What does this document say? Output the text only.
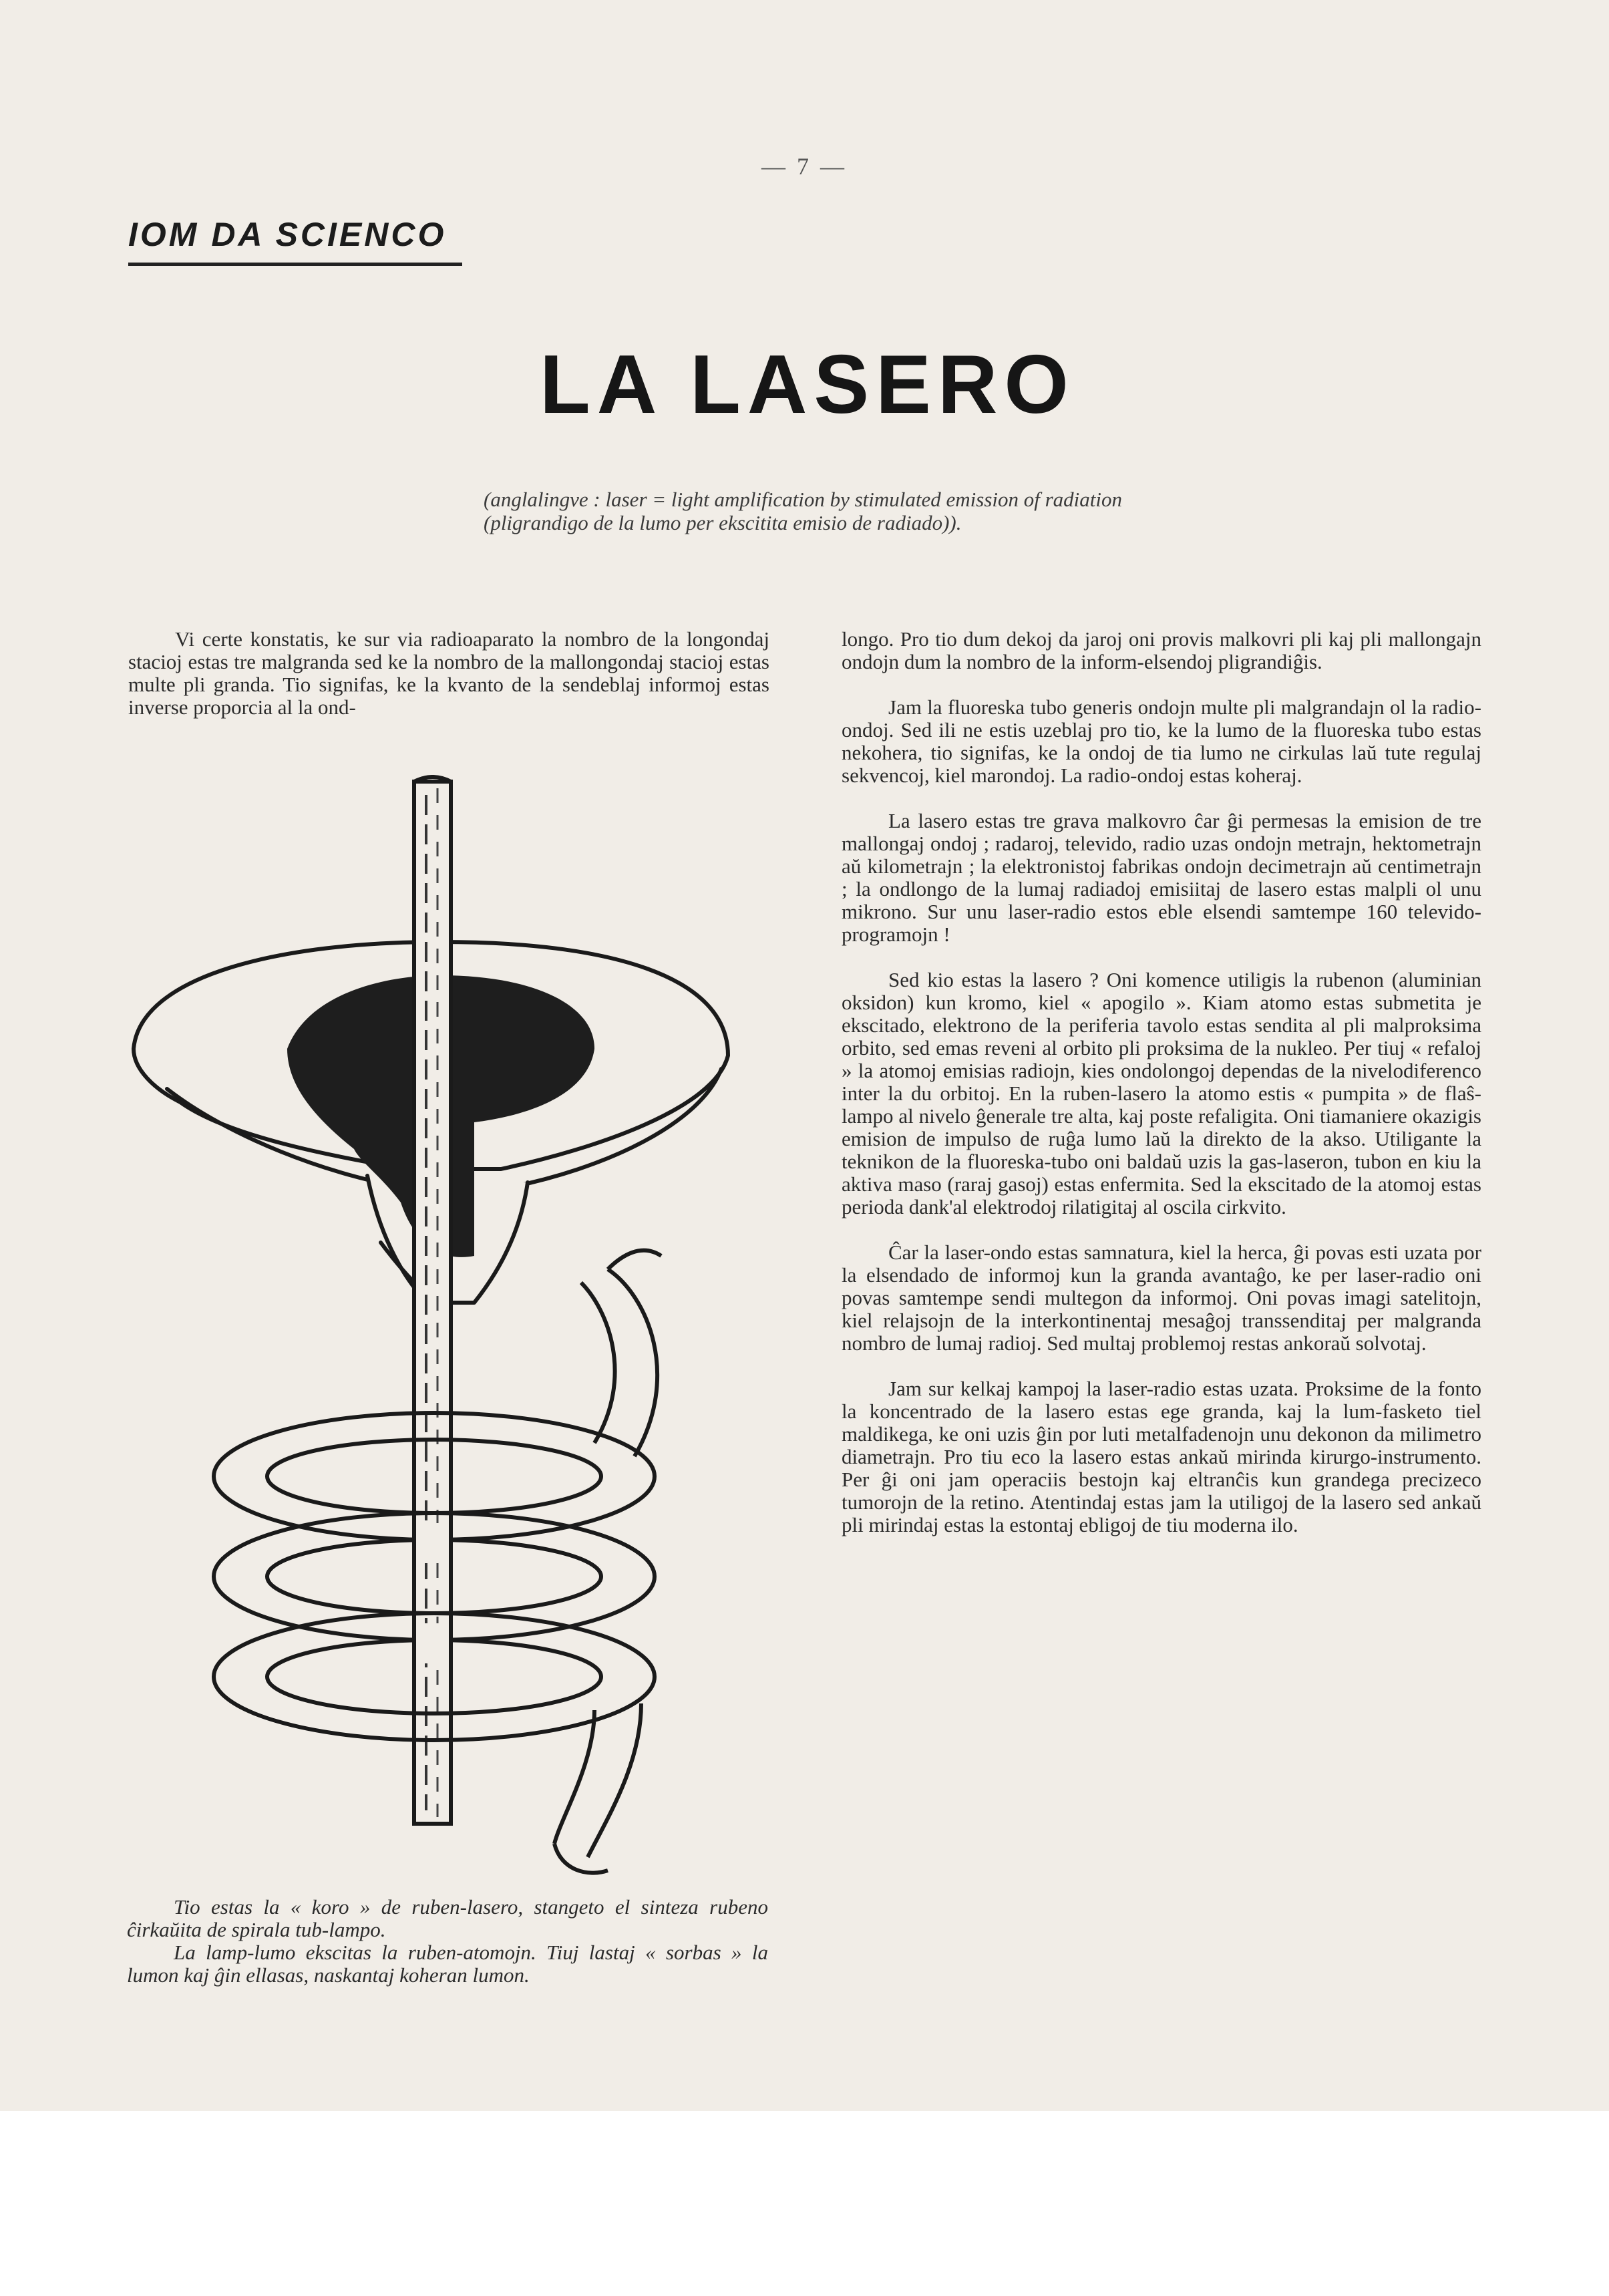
— 7 —
IOM DA SCIENCO
LA LASERO
(anglalingve : laser = light amplification by stimulated emission of radiation (pligrandigo de la lumo per ekscitita emisio de radiado)).

Vi certe konstatis, ke sur via radioaparato la nombro de la longondaj stacioj estas tre malgranda sed ke la nombro de la mallongondaj stacioj estas multe pli granda. Tio signifas, ke la kvanto de la sendeblaj informoj estas inverse proporcia al la ond-

Tio estas la « koro » de ruben-lasero, stangeto el sinteza rubeno ĉirkaŭita de spirala tub-lampo.
La lamp-lumo ekscitas la ruben-atomojn. Tiuj lastaj « sorbas » la lumon kaj ĝin ellasas, naskantaj koheran lumon.

longo. Pro tio dum dekoj da jaroj oni provis malkovri pli kaj pli mallongajn ondojn dum la nombro de la inform-elsendoj pligrandiĝis.

Jam la fluoreska tubo generis ondojn multe pli malgrandajn ol la radio-ondoj. Sed ili ne estis uzeblaj pro tio, ke la lumo de la fluoreska tubo estas nekohera, tio signifas, ke la ondoj de tia lumo ne cirkulas laŭ tute regulaj sekvencoj, kiel marondoj. La radio-ondoj estas koheraj.

La lasero estas tre grava malkovro ĉar ĝi permesas la emision de tre mallongaj ondoj ; radaroj, televido, radio uzas ondojn metrajn, hektometrajn aŭ kilometrajn ; la elektronistoj fabrikas ondojn decimetrajn aŭ centimetrajn ; la ondlongo de la lumaj radiadoj emisiitaj de lasero estas malpli ol unu mikrono. Sur unu laser-radio estos eble elsendi samtempe 160 televido-programojn !

Sed kio estas la lasero ? Oni komence utiligis la rubenon (aluminian oksidon) kun kromo, kiel « apogilo ». Kiam atomo estas submetita je ekscitado, elektrono de la periferia tavolo estas sendita al pli malproksima orbito, sed emas reveni al orbito pli proksima de la nukleo. Per tiuj « refaloj » la atomoj emisias radiojn, kies ondolongoj dependas de la nivelodiferenco inter la du orbitoj. En la ruben-lasero la atomo estis « pumpita » de flaŝ-lampo al nivelo ĝenerale tre alta, kaj poste refaligita. Oni tiamaniere okazigis emision de impulso de ruĝa lumo laŭ la direkto de la akso. Utiligante la teknikon de la fluoreska-tubo oni baldaŭ uzis la gas-laseron, tubon en kiu la aktiva maso (raraj gasoj) estas enfermita. Sed la ekscitado de la atomoj estas perioda dank'al elektrodoj rilatigitaj al oscila cirkvito.

Ĉar la laser-ondo estas samnatura, kiel la herca, ĝi povas esti uzata por la elsendado de informoj kun la granda avantaĝo, ke per laser-radio oni povas samtempe sendi multegon da informoj. Oni povas imagi satelitojn, kiel relajsojn de la interkontinentaj mesaĝoj transsenditaj per malgranda nombro de lumaj radioj. Sed multaj problemoj restas ankoraŭ solvotaj.

Jam sur kelkaj kampoj la laser-radio estas uzata. Proksime de la fonto la koncentrado de la lasero estas ege granda, kaj la lum-fasketo tiel maldikega, ke oni uzis ĝin por luti metalfadenojn unu dekonon da milimetro diametrajn. Pro tiu eco la lasero estas ankaŭ mirinda kirurgo-instrumento. Per ĝi oni jam operaciis bestojn kaj eltranĉis kun grandega precizeco tumorojn de la retino. Atentindaj estas jam la utiligoj de la lasero sed ankaŭ pli mirindaj estas la estontaj ebligoj de tiu moderna ilo.
